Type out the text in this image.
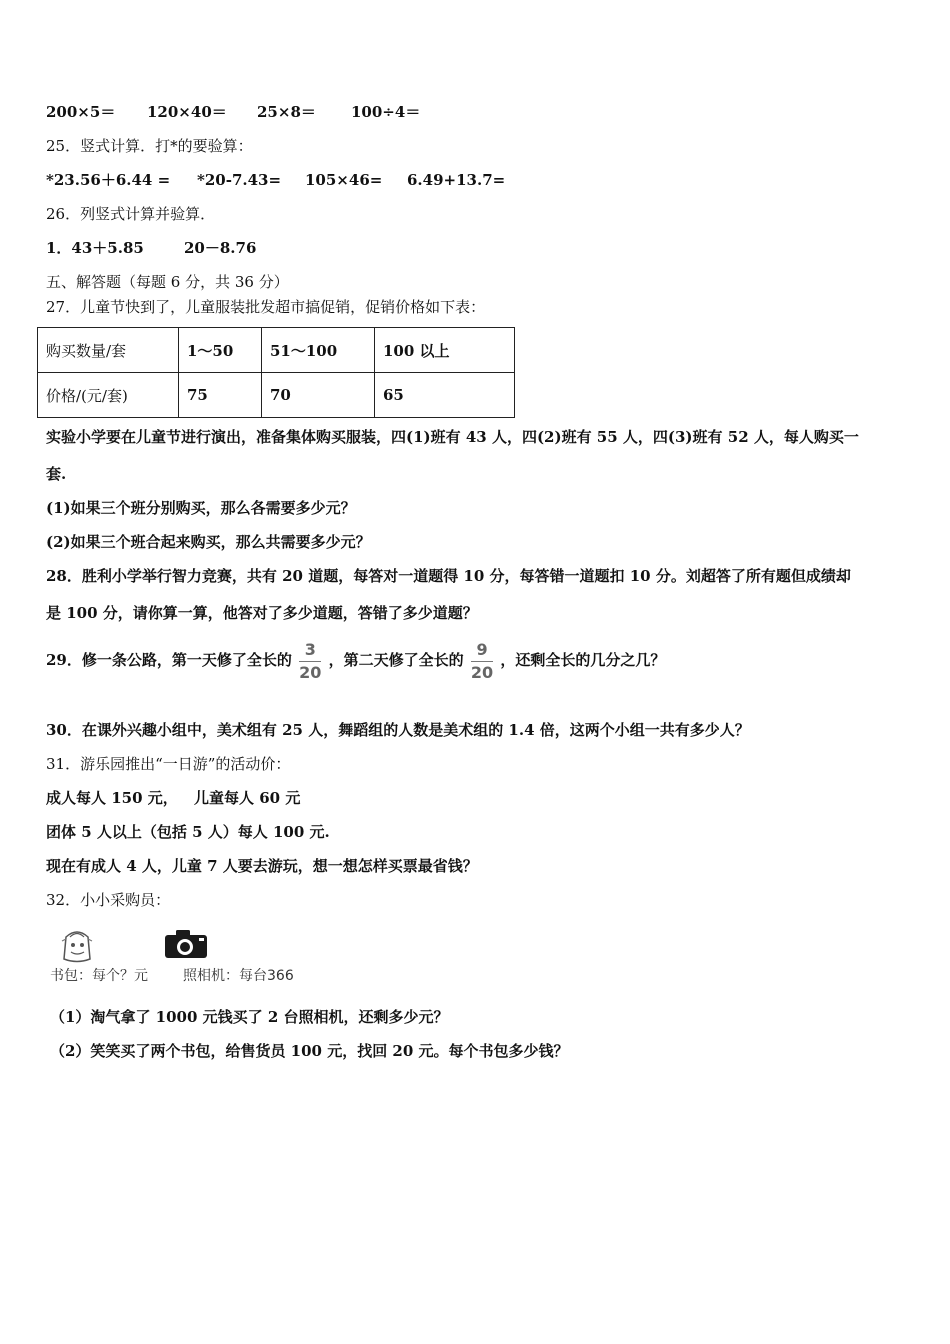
200×5＝ 120×40＝ 25×8＝ 100÷4＝
25．竖式计算．打*的要验算：
*23.56＋6.44 = *20-7.43= 105×46= 6.49+13.7=
26．列竖式计算并验算．
1．43＋5.85	20－8.76
五、解答题（每题 6 分，共 36 分）
27．儿童节快到了，儿童服装批发超市搞促销，促销价格如下表：
购买数量/套	1～50	51～100	100 以上
价格/(元/套)	75	70	65
实验小学要在儿童节进行演出，准备集体购买服装，四(1)班有 43 人，四(2)班有 55 人，四(3)班有 52 人，每人购买一
套.
(1)如果三个班分别购买，那么各需要多少元？
(2)如果三个班合起来购买，那么共需要多少元？
28．胜利小学举行智力竞赛，共有 20 道题，每答对一道题得 10 分，每答错一道题扣 10 分。刘超答了所有题但成绩却
是 100 分，请你算一算，他答对了多少道题，答错了多少道题？
29．修一条公路，第一天修了全长的 $\frac{3}{20}$ ，第二天修了全长的 $\frac{9}{20}$ ，还剩全长的几分之几？
30．在课外兴趣小组中，美术组有 25 人，舞蹈组的人数是美术组的 1.4 倍，这两个小组一共有多少人？
31．游乐园推出“一日游”的活动价：
成人每人 150 元， 儿童每人 60 元
团体 5 人以上（包括 5 人）每人 100 元.
现在有成人 4 人，儿童 7 人要去游玩，想一想怎样买票最省钱？
32．小小采购员：
书包：每个？元	照相机：每台366
（1）淘气拿了 1000 元钱买了 2 台照相机，还剩多少元？
（2）笑笑买了两个书包，给售货员 100 元，找回 20 元。每个书包多少钱？
